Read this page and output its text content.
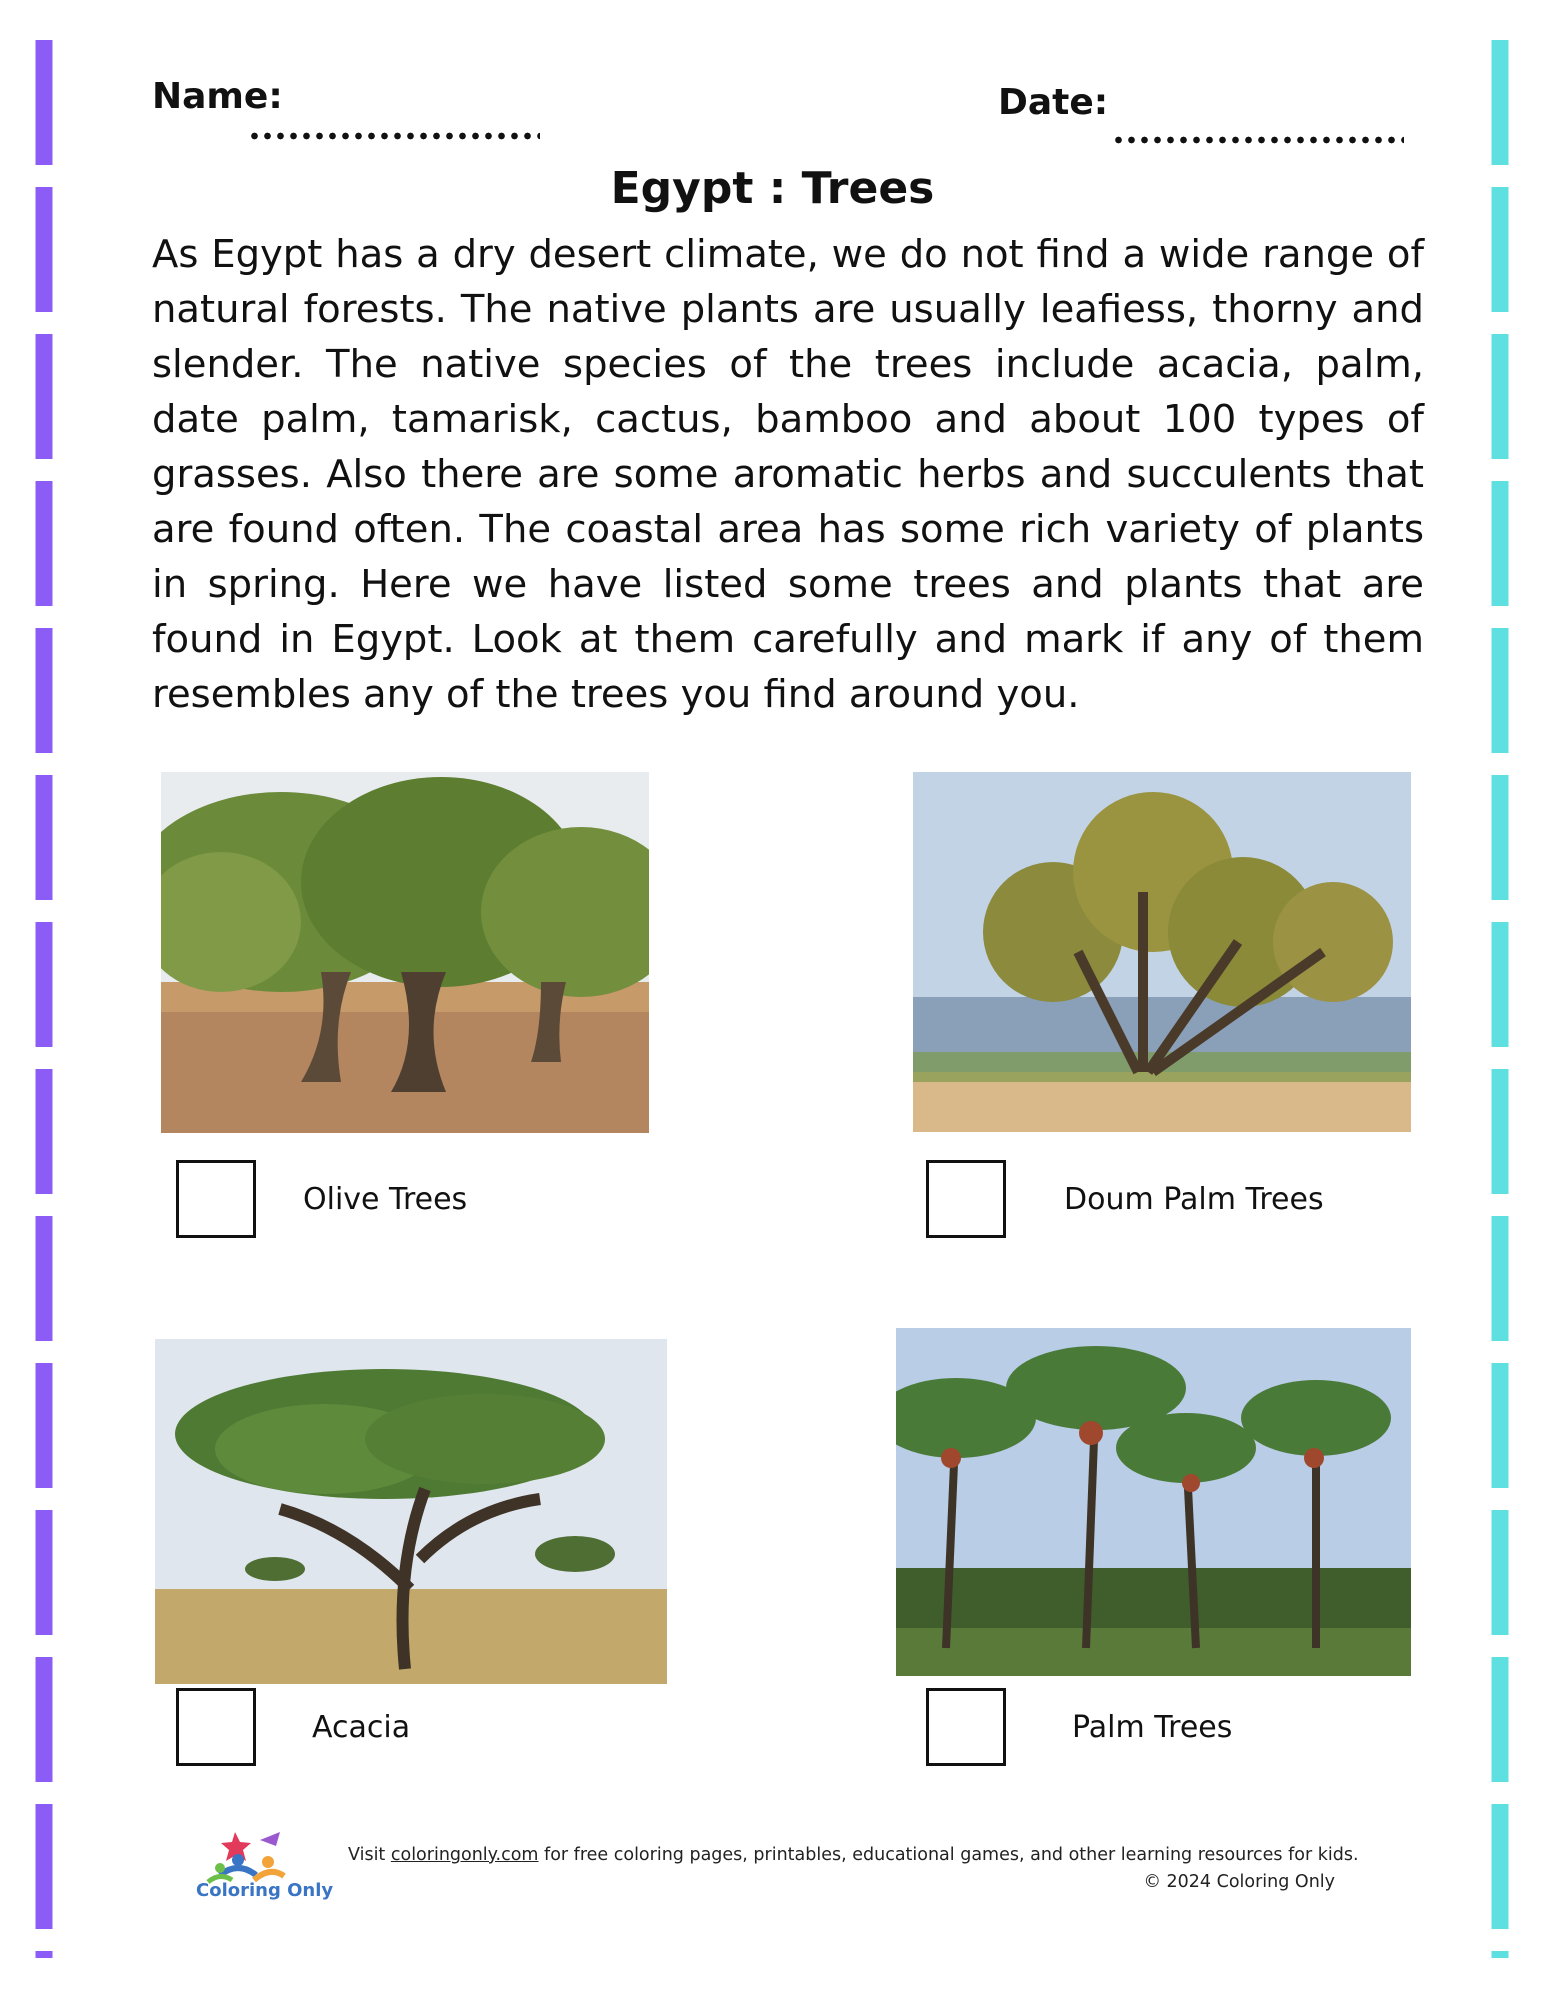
Name:	Date:
Egypt : Trees

As Egypt has a dry desert climate, we do not find a wide range of natural forests. The native plants are usually leafiess, thorny and slender. The native species of the trees include acacia, palm, date palm, tamarisk, cactus, bamboo and about 100 types of grasses. Also there are some aromatic herbs and succulents that are found often. The coastal area has some rich variety of plants in spring. Here we have listed some trees and plants that are found in Egypt. Look at them carefully and mark if any of them resembles any of the trees you find around you.

Olive Trees	Doum Palm Trees
Acacia	Palm Trees
Coloring Only
Visit coloringonly.com for free coloring pages, printables, educational games, and other learning resources for kids.
© 2024 Coloring Only
